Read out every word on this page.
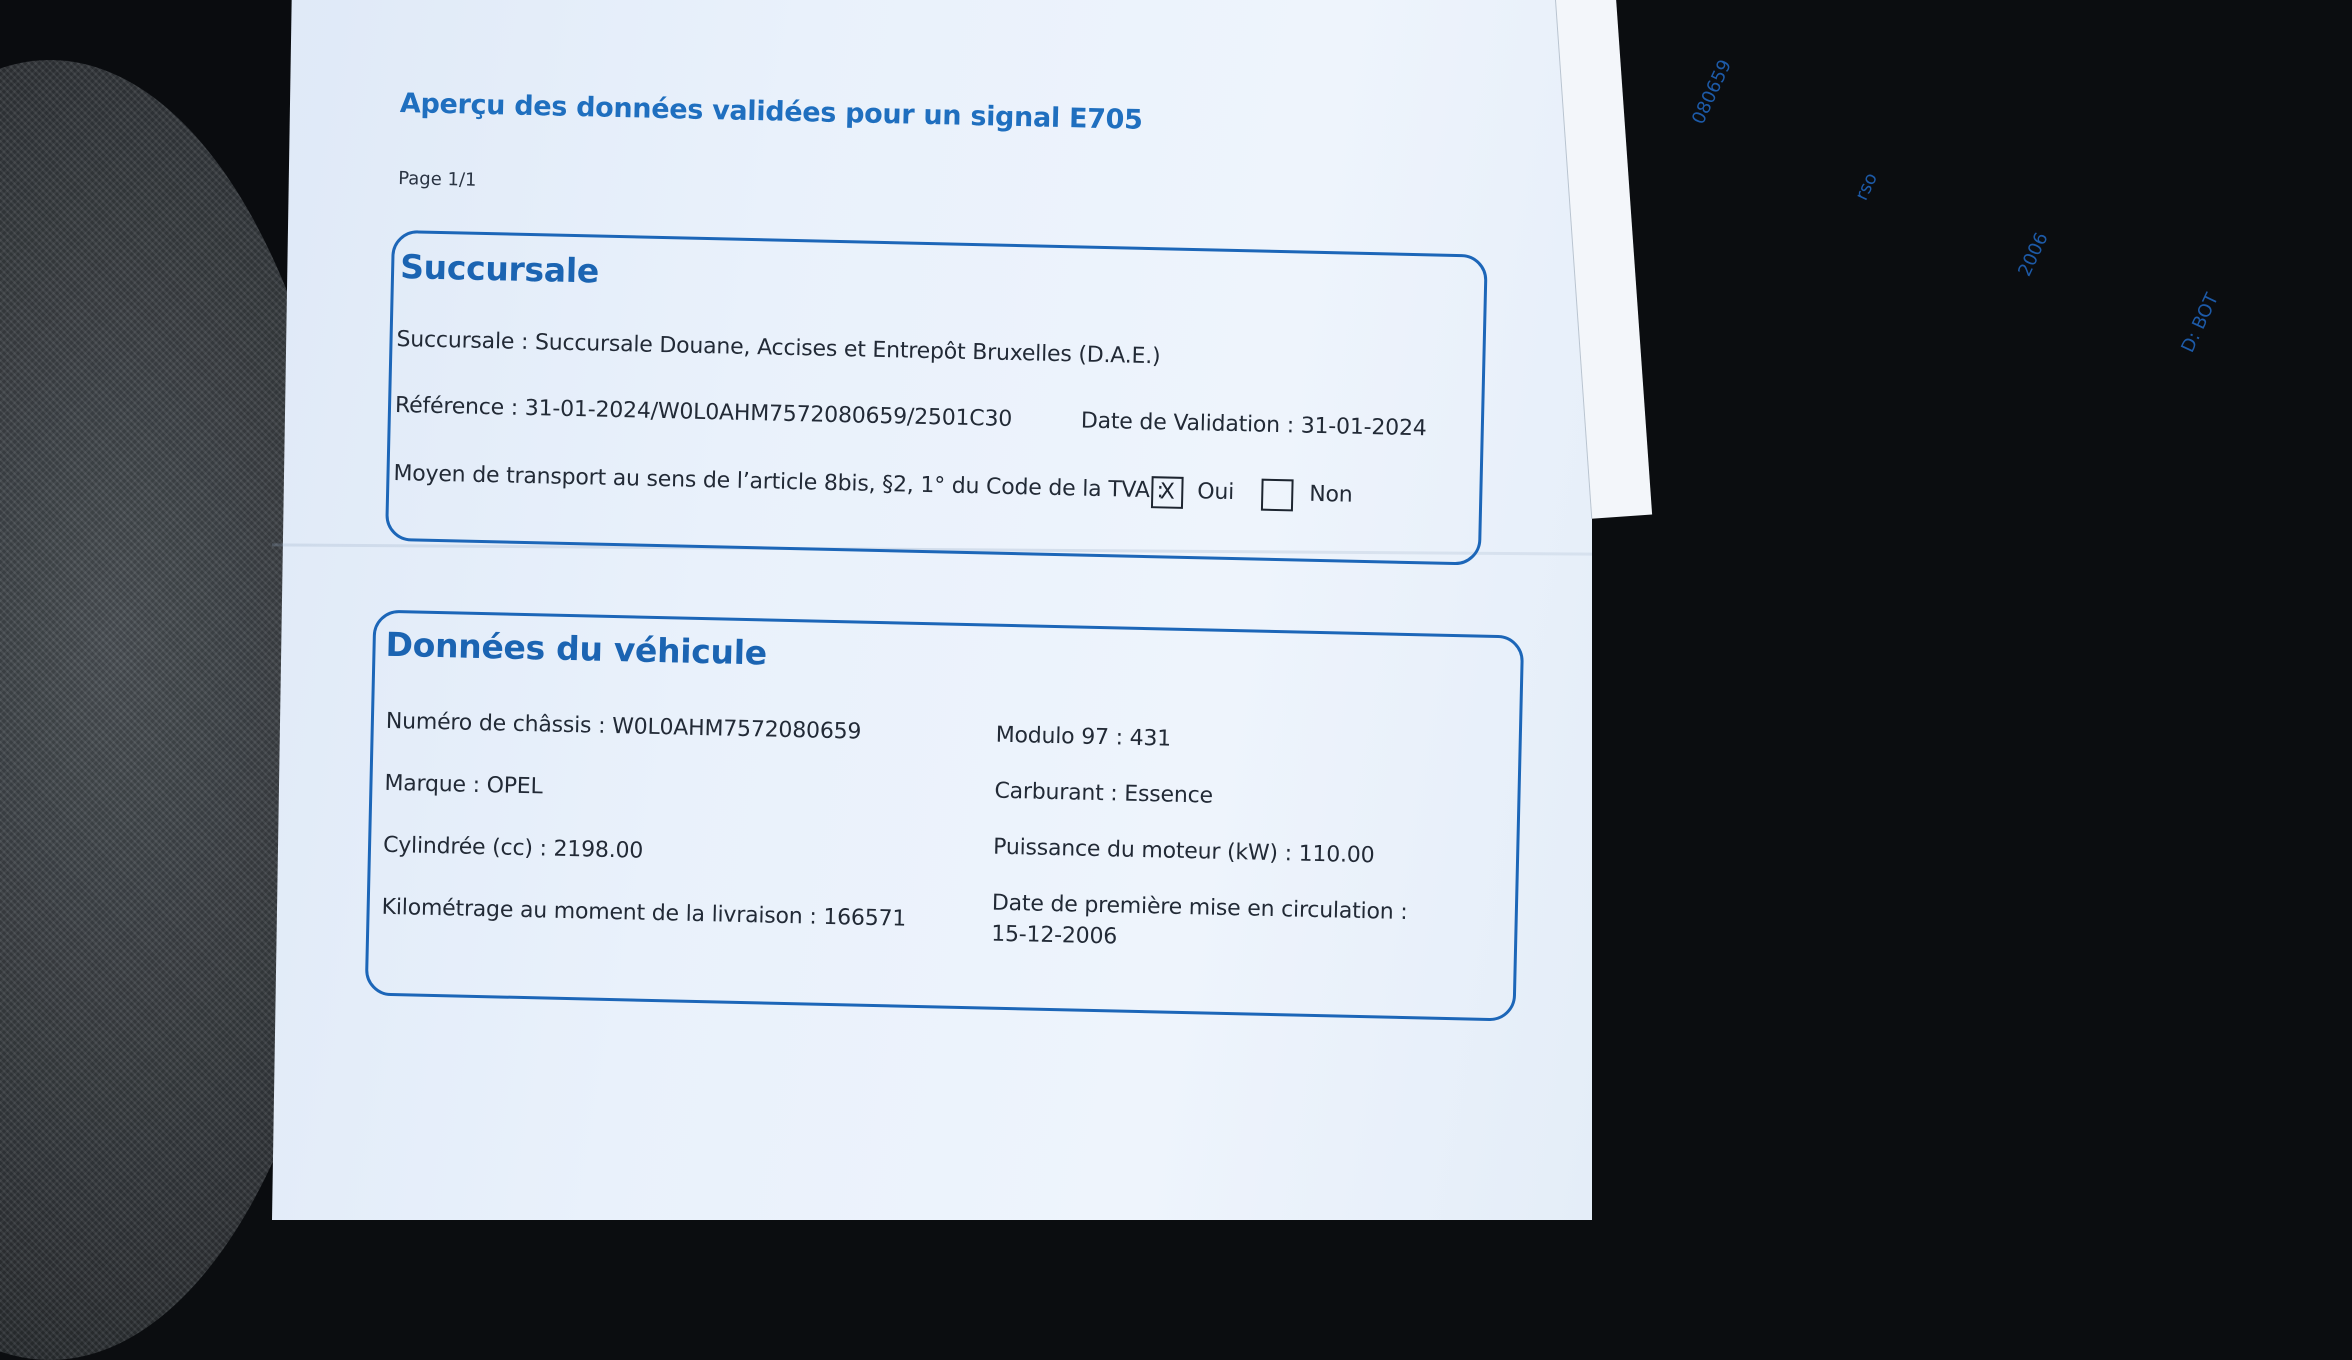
080659

rso

2006

D: BOT

Aperçu des données validées pour un signal E705
Page 1/1
Succursale
Succursale : Succursale Douane, Accises et Entrepôt Bruxelles (D.A.E.)
Référence : 31-01-2024/W0L0AHM7572080659/2501C30	Date de Validation : 31-01-2024
Moyen de transport au sens de l’article 8bis, §2, 1° du Code de la TVA :
X Oui	Non
Données du véhicule
Numéro de châssis : W0L0AHM7572080659
Marque : OPEL
Cylindrée (cc) : 2198.00
Kilométrage au moment de la livraison : 166571
Modulo 97 : 431
Carburant : Essence
Puissance du moteur (kW) : 110.00
Date de première mise en circulation :
15-12-2006
